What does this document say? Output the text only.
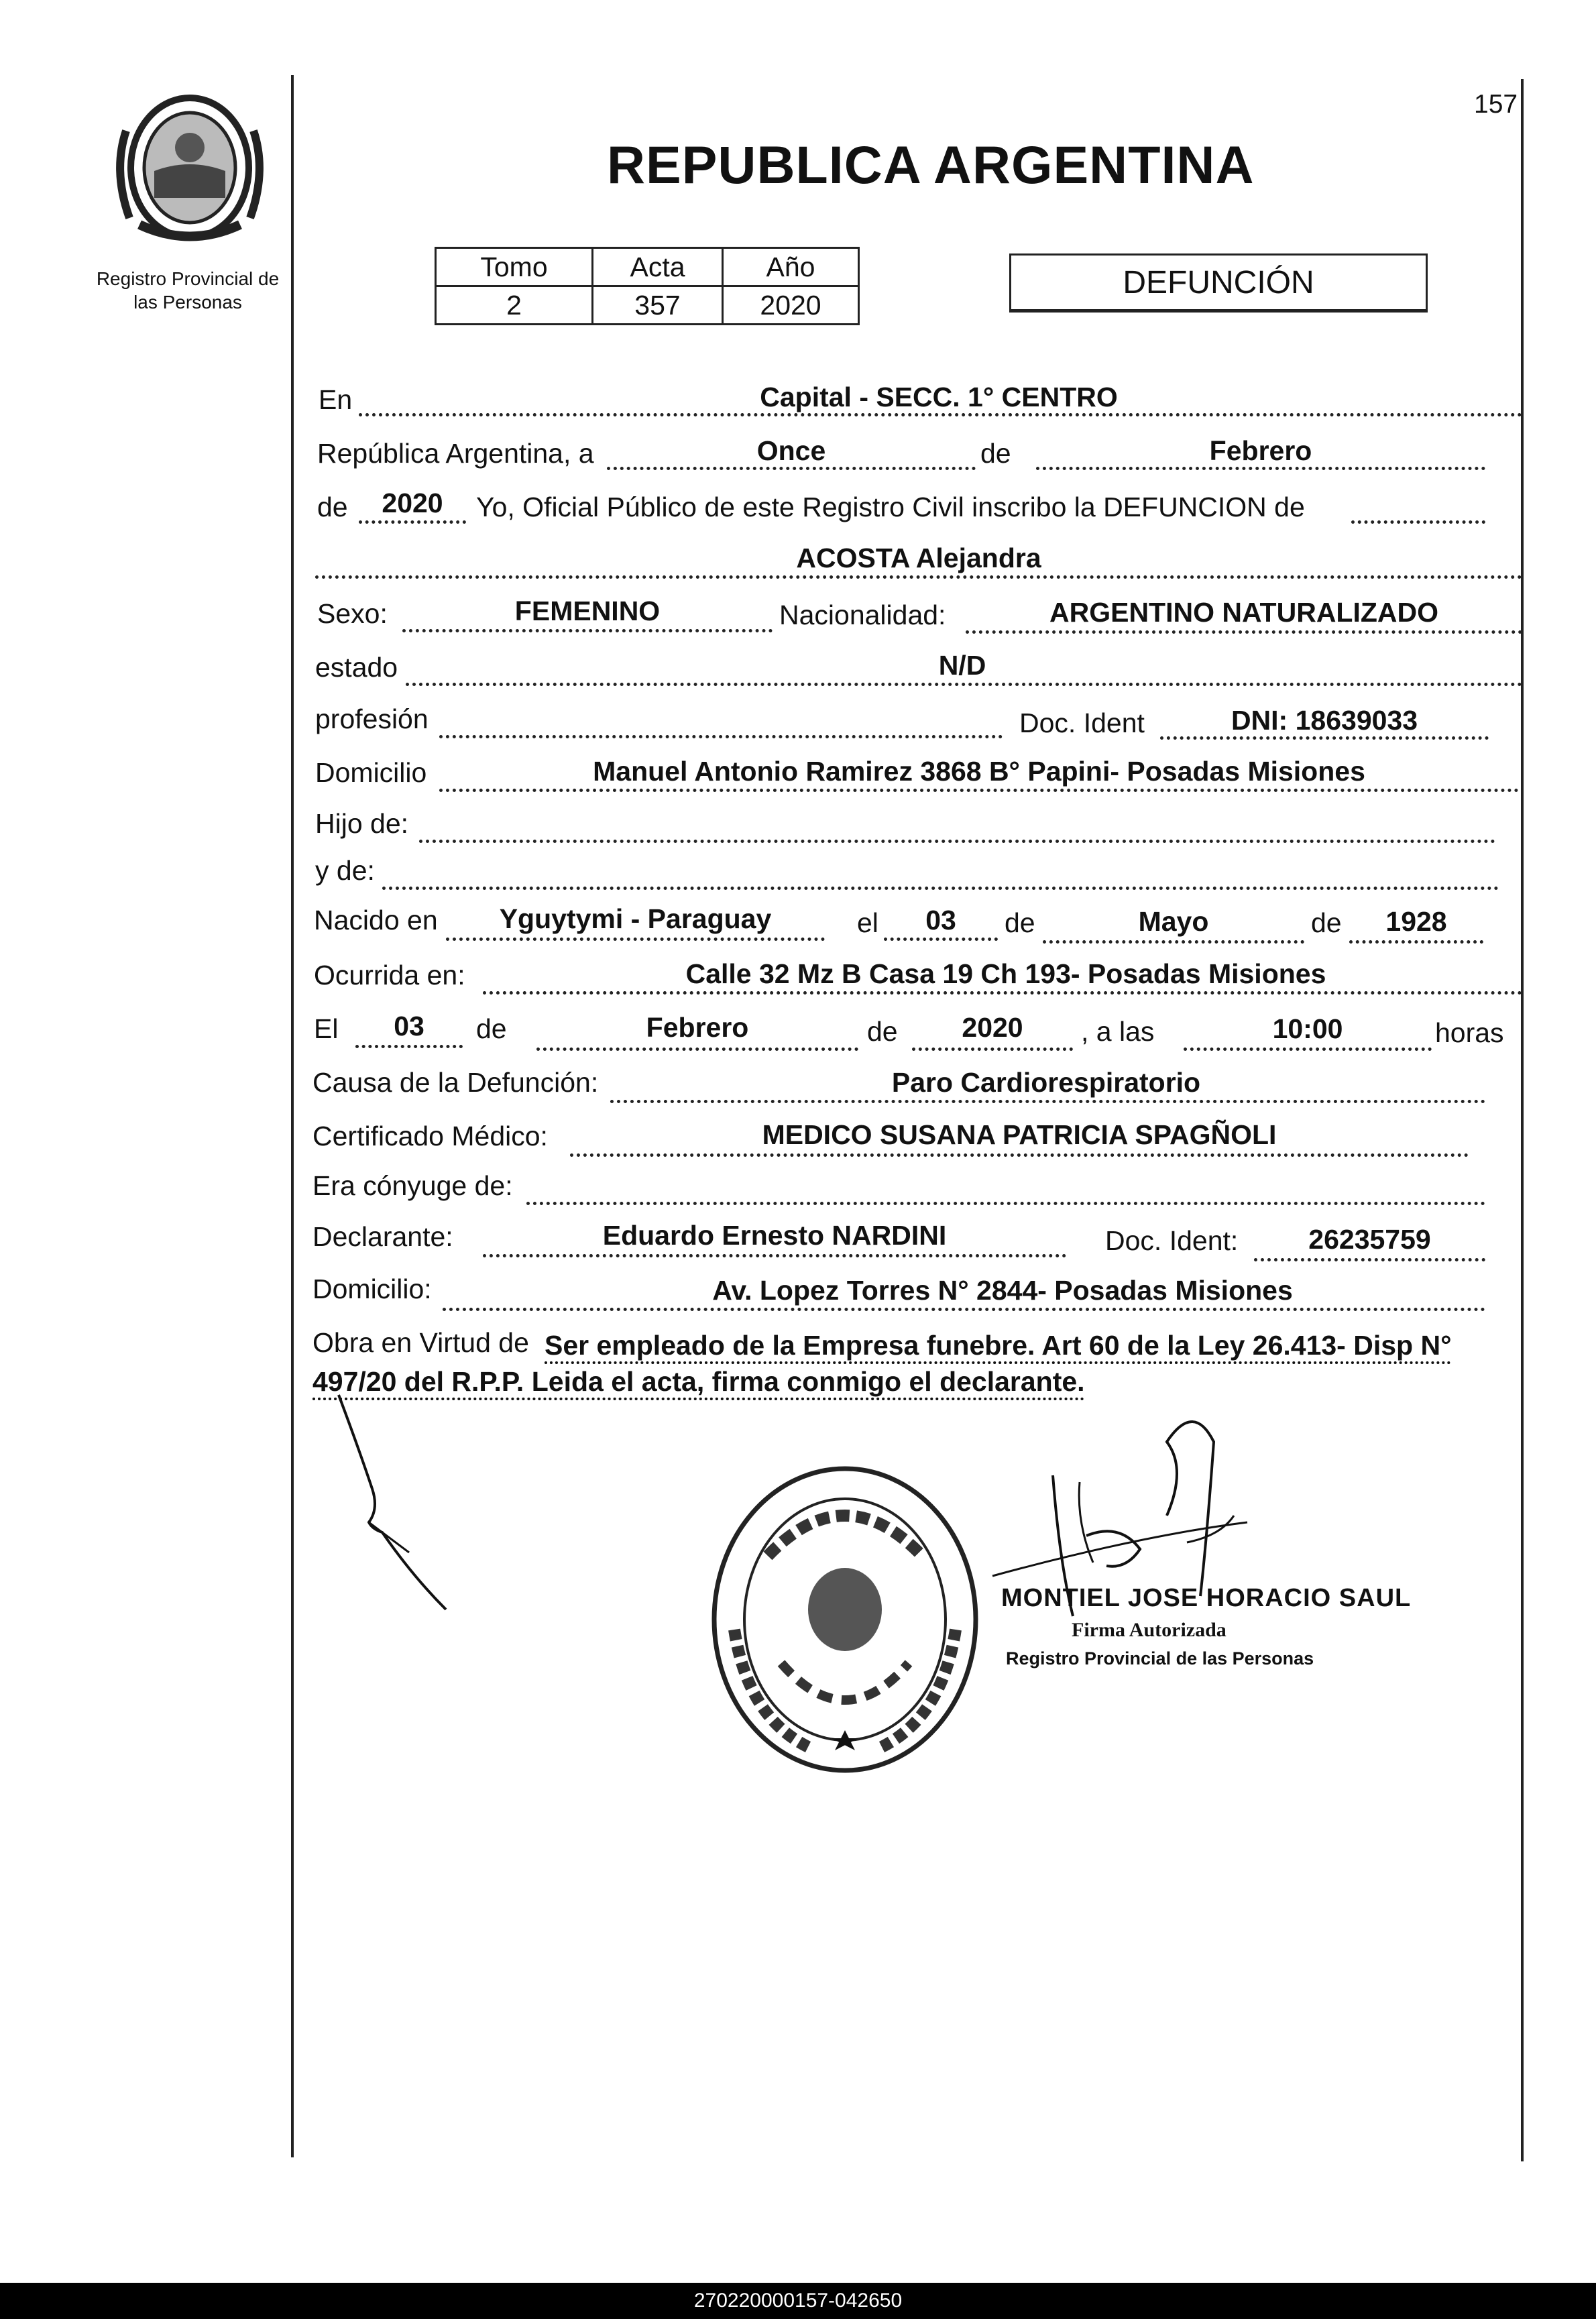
Registro Provincial de las Personas
157
REPUBLICA ARGENTINA
Tomo	Acta	Año
2	357	2020
DEFUNCIÓN
En	Capital - SECC. 1° CENTRO
República Argentina, a	Once	de	Febrero
de	2020	Yo, Oficial Público de este Registro Civil inscribo la DEFUNCION de
ACOSTA Alejandra
Sexo:	FEMENINO	Nacionalidad:	ARGENTINO NATURALIZADO
estado	N/D
profesión	Doc. Ident	DNI: 18639033
Domicilio	Manuel Antonio Ramirez 3868 B° Papini- Posadas Misiones
Hijo de:
y de:
Nacido en	Yguytymi - Paraguay	el	03	de	Mayo	de	1928
Ocurrida en:	Calle 32 Mz B Casa 19 Ch 193- Posadas Misiones
El	03	de	Febrero	de	2020	, a las	10:00	horas
Causa de la Defunción:	Paro Cardiorespiratorio
Certificado Médico:	MEDICO SUSANA PATRICIA SPAGÑOLI
Era cónyuge de:
Declarante:	Eduardo Ernesto NARDINI	Doc. Ident:	26235759
Domicilio:	Av. Lopez Torres N° 2844- Posadas Misiones
Obra en Virtud de Ser empleado de la Empresa funebre. Art 60 de la Ley 26.413- Disp N°
497/20 del R.P.P. Leida el acta, firma conmigo el declarante.
MONTIEL JOSE HORACIO SAUL
Firma Autorizada
Registro Provincial de las Personas
270220000157-042650
